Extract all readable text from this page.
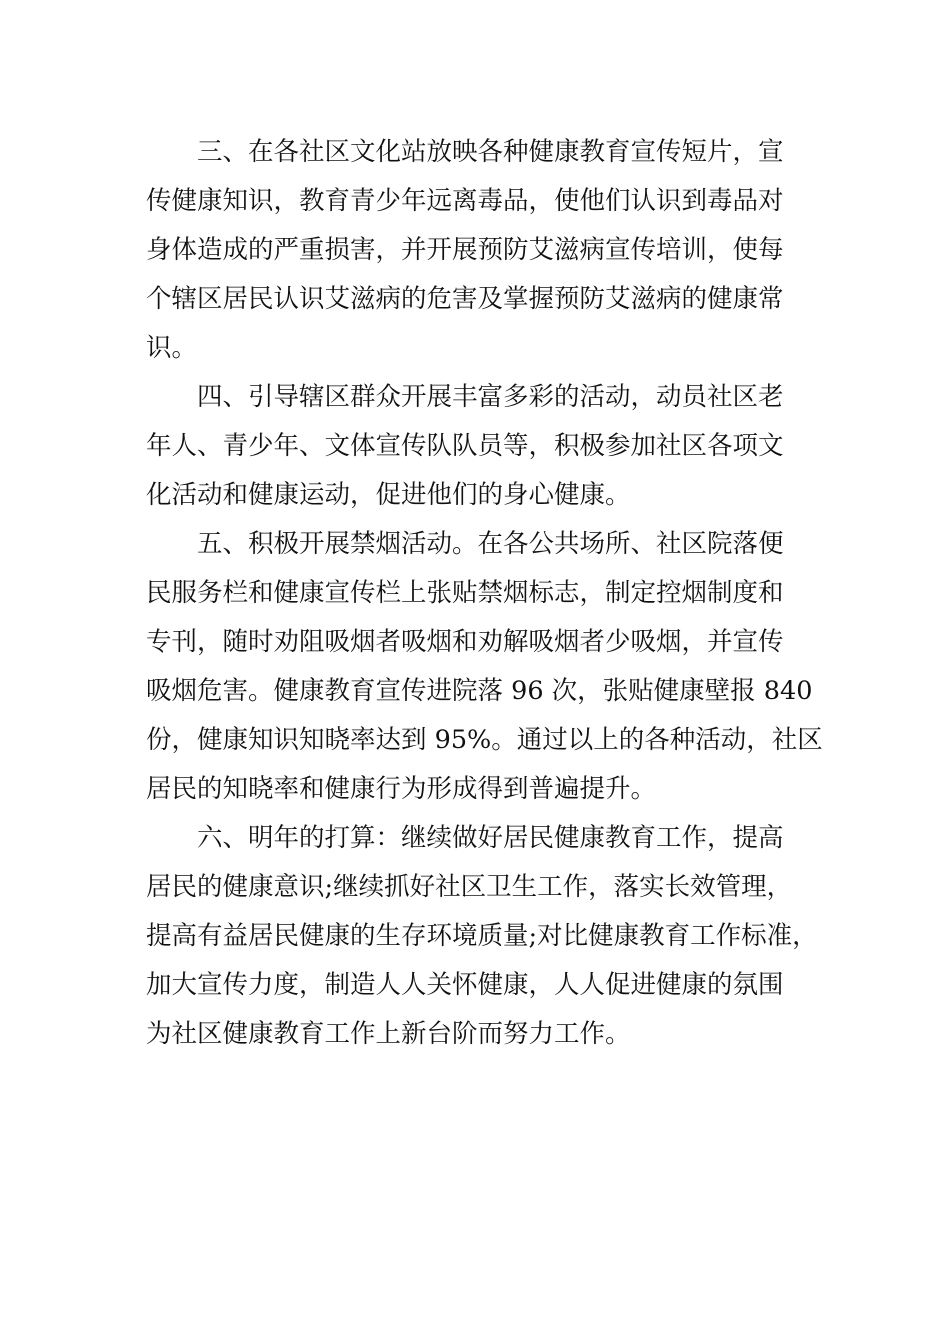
　　三、在各社区文化站放映各种健康教育宣传短片，宣
传健康知识，教育青少年远离毒品，使他们认识到毒品对
身体造成的严重损害，并开展预防艾滋病宣传培训，使每
个辖区居民认识艾滋病的危害及掌握预防艾滋病的健康常
识。
　　四、引导辖区群众开展丰富多彩的活动，动员社区老
年人、青少年、文体宣传队队员等，积极参加社区各项文
化活动和健康运动，促进他们的身心健康。
　　五、积极开展禁烟活动。在各公共场所、社区院落便
民服务栏和健康宣传栏上张贴禁烟标志，制定控烟制度和
专刊，随时劝阻吸烟者吸烟和劝解吸烟者少吸烟，并宣传
吸烟危害。健康教育宣传进院落 96 次，张贴健康壁报 840
份，健康知识知晓率达到 95%。通过以上的各种活动，社区
居民的知晓率和健康行为形成得到普遍提升。
　　六、明年的打算：继续做好居民健康教育工作，提高
居民的健康意识;继续抓好社区卫生工作，落实长效管理，
提高有益居民健康的生存环境质量;对比健康教育工作标准，
加大宣传力度，制造人人关怀健康，人人促进健康的氛围
为社区健康教育工作上新台阶而努力工作。
